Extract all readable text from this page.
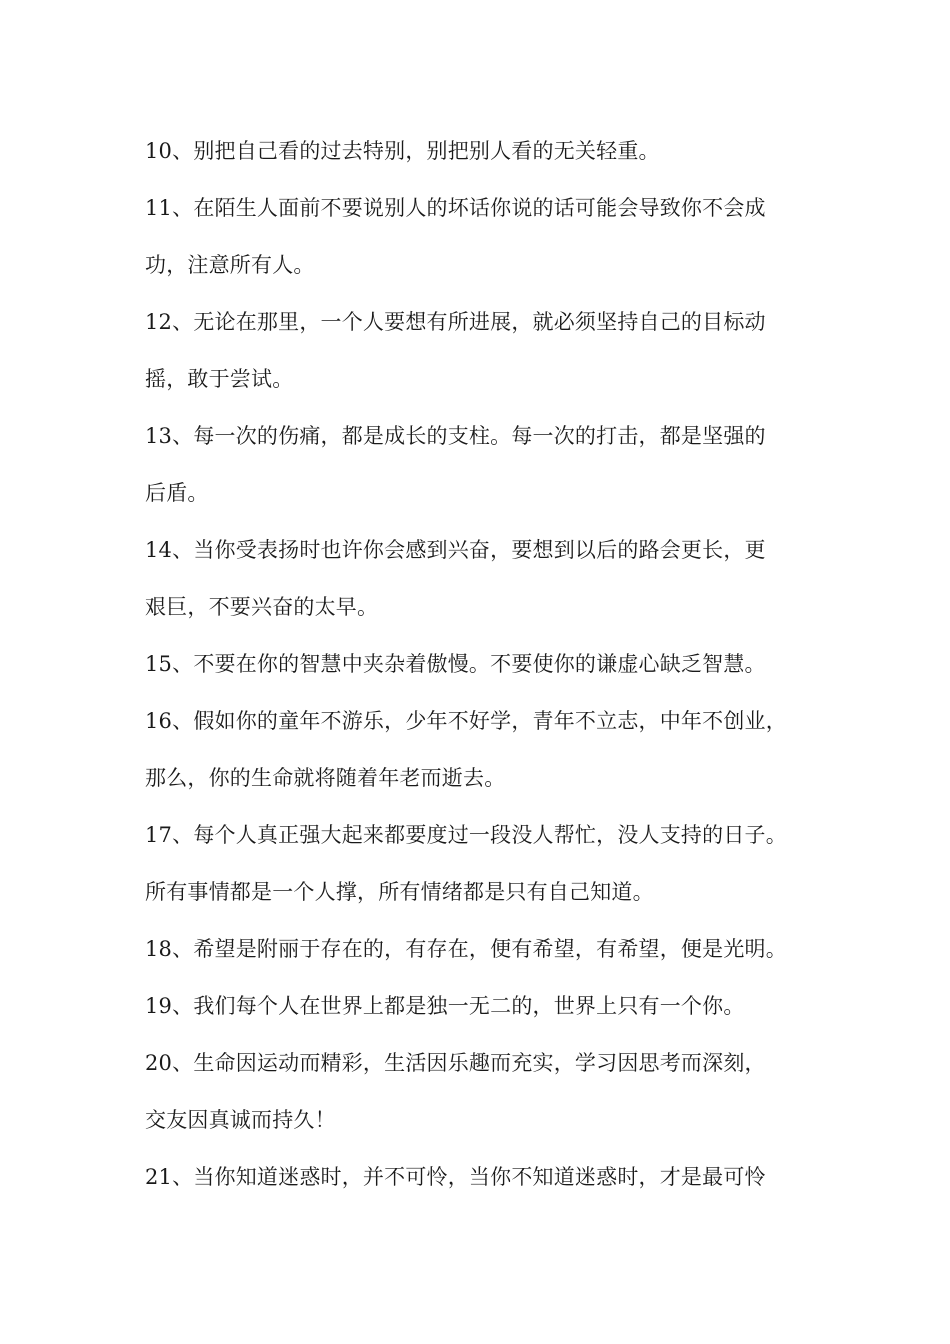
10、别把自己看的过去特别，别把别人看的无关轻重。
11、在陌生人面前不要说别人的坏话你说的话可能会导致你不会成
功，注意所有人。
12、无论在那里，一个人要想有所进展，就必须坚持自己的目标动
摇，敢于尝试。
13、每一次的伤痛，都是成长的支柱。每一次的打击，都是坚强的
后盾。
14、当你受表扬时也许你会感到兴奋，要想到以后的路会更长，更
艰巨，不要兴奋的太早。
15、不要在你的智慧中夹杂着傲慢。不要使你的谦虚心缺乏智慧。
16、假如你的童年不游乐，少年不好学，青年不立志，中年不创业，
那么，你的生命就将随着年老而逝去。
17、每个人真正强大起来都要度过一段没人帮忙，没人支持的日子。
所有事情都是一个人撑，所有情绪都是只有自己知道。
18、希望是附丽于存在的，有存在，便有希望，有希望，便是光明。
19、我们每个人在世界上都是独一无二的，世界上只有一个你。
20、生命因运动而精彩，生活因乐趣而充实，学习因思考而深刻，
交友因真诚而持久！
21、当你知道迷惑时，并不可怜，当你不知道迷惑时，才是最可怜
